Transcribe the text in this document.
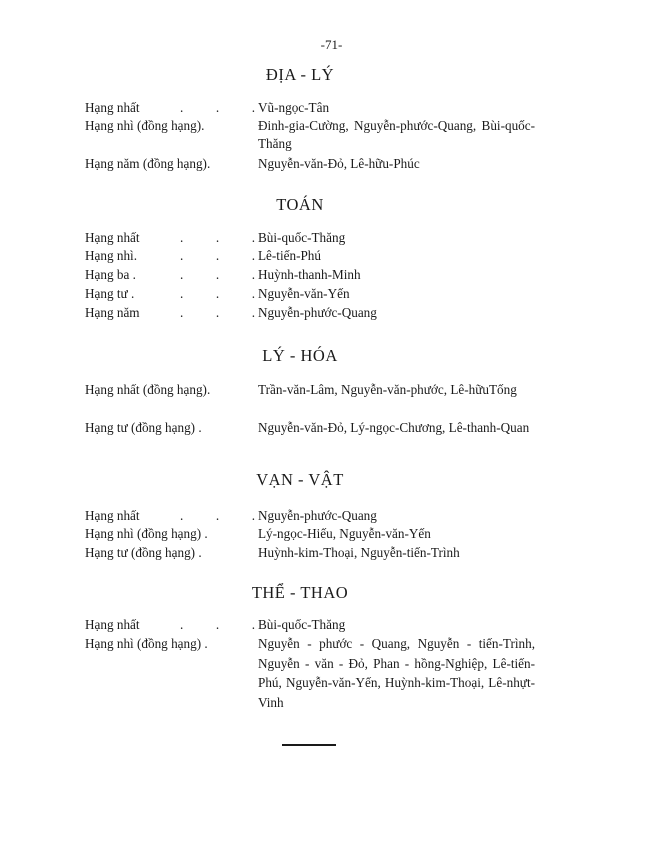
-71-
ĐỊA - LÝ
Hạng nhất	. . . Vũ-ngọc-Tân
Hạng nhì (đồng hạng).	Đinh-gia-Cường, Nguyễn-phước-Quang, Bùi-quốc-Thăng
Hạng năm (đồng hạng).	Nguyễn-văn-Đỏ, Lê-hữu-Phúc
TOÁN
Hạng nhất	. . . Bùi-quốc-Thăng
Hạng nhì.	. . . Lê-tiến-Phú
Hạng ba .	. . . Huỳnh-thanh-Minh
Hạng tư .	. . . Nguyễn-văn-Yến
Hạng năm	. . . Nguyễn-phước-Quang
LÝ - HÓA
Hạng nhất (đồng hạng).	Trần-văn-Lâm, Nguyễn-văn-phước, Lê-hữuTống
Hạng tư (đồng hạng) .	Nguyễn-văn-Đỏ, Lý-ngọc-Chương, Lê-thanh-Quan
VẠN - VẬT
Hạng nhất	. . . Nguyễn-phước-Quang
Hạng nhì (đồng hạng) .	Lý-ngọc-Hiếu, Nguyễn-văn-Yến
Hạng tư (đồng hạng) .	Huỳnh-kim-Thoại, Nguyễn-tiến-Trình
THỂ - THAO
Hạng nhất	. . . Bùi-quốc-Thăng
Hạng nhì (đồng hạng) .	Nguyễn - phước - Quang, Nguyễn - tiến-Trình, Nguyễn - văn - Đỏ, Phan - hồng-Nghiệp, Lê-tiến-Phú, Nguyễn-văn-Yến, Huỳnh-kim-Thoại, Lê-nhựt-Vinh
